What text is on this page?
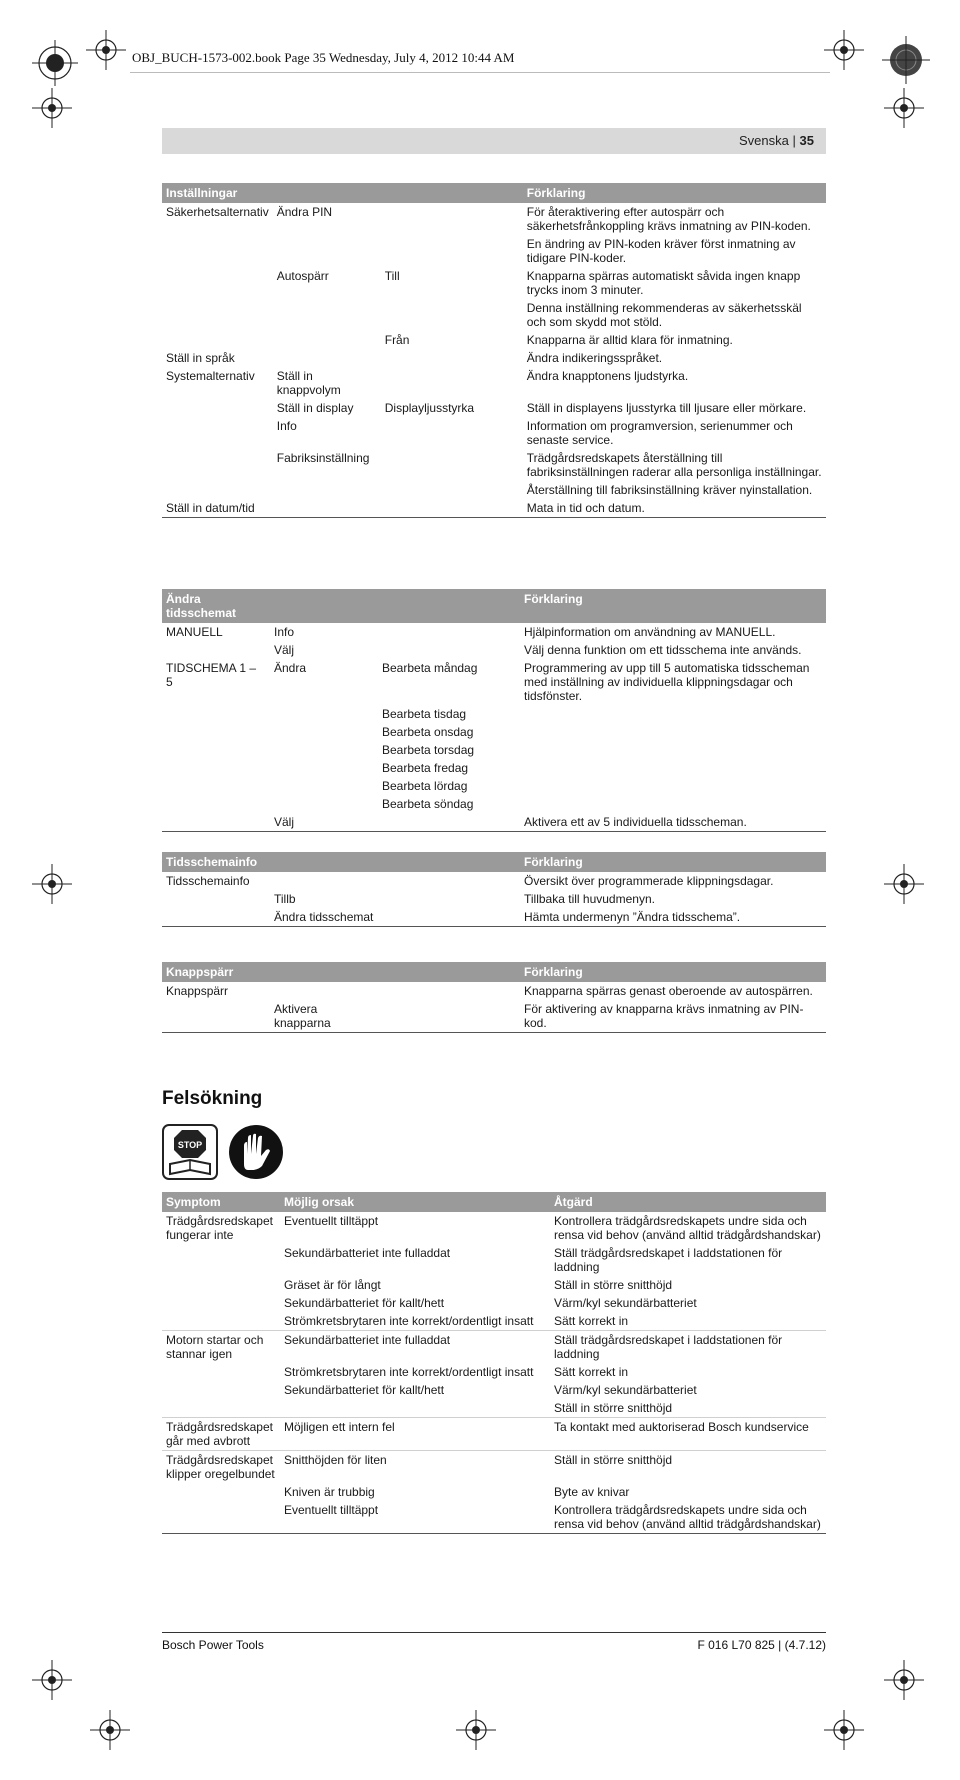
OBJ_BUCH-1573-002.book Page 35 Wednesday, July 4, 2012 10:44 AM
Svenska | 35
Inställningar			Förklaring
Säkerhetsalternativ	Ändra PIN		För återaktivering efter autospärr och säkerhetsfrånkoppling krävs inmatning av PIN-koden.
			En ändring av PIN-koden kräver först inmatning av tidigare PIN-koder.
	Autospärr	Till	Knapparna spärras automatiskt såvida ingen knapp trycks inom 3 minuter.
			Denna inställning rekommenderas av säkerhetsskäl och som skydd mot stöld.
		Från	Knapparna är alltid klara för inmatning.
Ställ in språk			Ändra indikeringsspråket.
Systemalternativ	Ställ in knappvolym		Ändra knapptonens ljudstyrka.
	Ställ in display	Displayljusstyrka	Ställ in displayens ljusstyrka till ljusare eller mörkare.
	Info		Information om programversion, serienummer och senaste service.
	Fabriksinställning		Trädgårdsredskapets återställning till fabriksinställningen raderar alla personliga inställningar.
			Återställning till fabriksinställning kräver nyinstallation.
Ställ in datum/tid			Mata in tid och datum.
Ändra tidsschemat			Förklaring
MANUELL	Info		Hjälpinformation om användning av MANUELL.
	Välj		Välj denna funktion om ett tidsschema inte används.
TIDSCHEMA 1 – 5	Ändra	Bearbeta måndag	Programmering av upp till 5 automatiska tidsscheman med inställning av individuella klippningsdagar och tidsfönster.
		Bearbeta tisdag	
		Bearbeta onsdag	
		Bearbeta torsdag	
		Bearbeta fredag	
		Bearbeta lördag	
		Bearbeta söndag	
	Välj		Aktivera ett av 5 individuella tidsscheman.
Tidsschemainfo			Förklaring
Tidsschemainfo			Översikt över programmerade klippningsdagar.
	Tillb		Tillbaka till huvudmenyn.
	Ändra tidsschemat		Hämta undermenyn ”Ändra tidsschema”.
Knappspärr			Förklaring
Knappspärr			Knapparna spärras genast oberoende av autospärren.
	Aktivera knapparna		För aktivering av knapparna krävs inmatning av PIN-kod.
Felsökning
STOP
Symptom	Möjlig orsak	Åtgärd
Trädgårdsredskapet fungerar inte	Eventuellt tilltäppt	Kontrollera trädgårdsredskapets undre sida och rensa vid behov (använd alltid trädgårdshandskar)
	Sekundärbatteriet inte fulladdat	Ställ trädgårdsredskapet i laddstationen för laddning
	Gräset är för långt	Ställ in större snitthöjd
	Sekundärbatteriet för kallt/hett	Värm/kyl sekundärbatteriet
	Strömkretsbrytaren inte korrekt/ordentligt insatt	Sätt korrekt in
Motorn startar och stannar igen	Sekundärbatteriet inte fulladdat	Ställ trädgårdsredskapet i laddstationen för laddning
	Strömkretsbrytaren inte korrekt/ordentligt insatt	Sätt korrekt in
	Sekundärbatteriet för kallt/hett	Värm/kyl sekundärbatteriet
		Ställ in större snitthöjd
Trädgårdsredskapet går med avbrott	Möjligen ett intern fel	Ta kontakt med auktoriserad Bosch kundservice
Trädgårdsredskapet klipper oregelbundet	Snitthöjden för liten	Ställ in större snitthöjd
	Kniven är trubbig	Byte av knivar
	Eventuellt tilltäppt	Kontrollera trädgårdsredskapets undre sida och rensa vid behov (använd alltid trädgårdshandskar)
Bosch Power Tools	F 016 L70 825 | (4.7.12)
